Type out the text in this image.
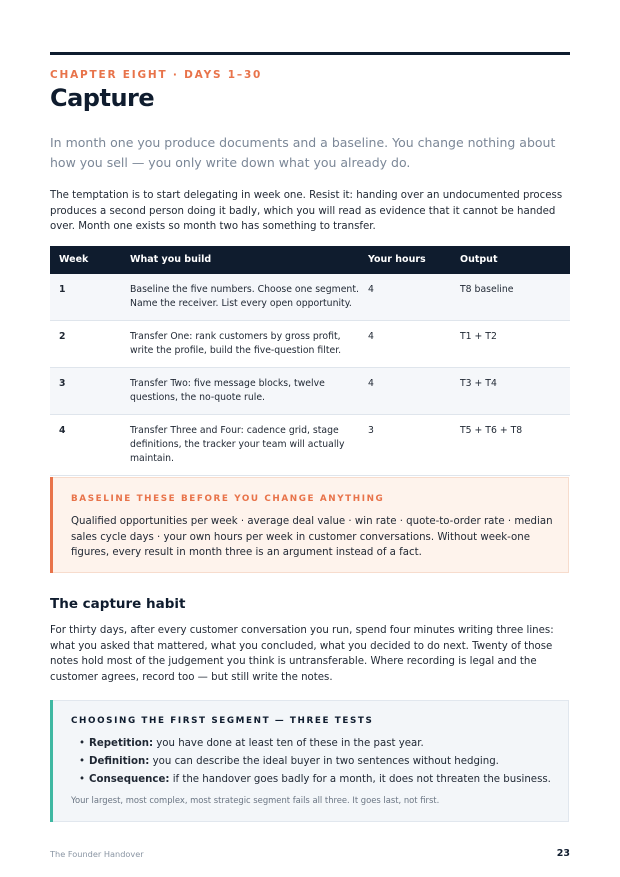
CHAPTER EIGHT · DAYS 1–30
Capture
In month one you produce documents and a baseline. You change nothing about how you sell — you only write down what you already do.
The temptation is to start delegating in week one. Resist it: handing over an undocumented process produces a second person doing it badly, which you will read as evidence that it cannot be handed over. Month one exists so month two has something to transfer.
Week	What you build	Your hours	Output
1	Baseline the five numbers. Choose one segment. Name the receiver. List every open opportunity.	4	T8 baseline
2	Transfer One: rank customers by gross profit, write the profile, build the five-question filter.	4	T1 + T2
3	Transfer Two: five message blocks, twelve questions, the no-quote rule.	4	T3 + T4
4	Transfer Three and Four: cadence grid, stage definitions, the tracker your team will actually maintain.	3	T5 + T6 + T8
BASELINE THESE BEFORE YOU CHANGE ANYTHING
Qualified opportunities per week · average deal value · win rate · quote-to-order rate · median sales cycle days · your own hours per week in customer conversations. Without week-one figures, every result in month three is an argument instead of a fact.
The capture habit
For thirty days, after every customer conversation you run, spend four minutes writing three lines: what you asked that mattered, what you concluded, what you decided to do next. Twenty of those notes hold most of the judgement you think is untransferable. Where recording is legal and the customer agrees, record too — but still write the notes.
CHOOSING THE FIRST SEGMENT — THREE TESTS
• Repetition: you have done at least ten of these in the past year.
• Definition: you can describe the ideal buyer in two sentences without hedging.
• Consequence: if the handover goes badly for a month, it does not threaten the business.
Your largest, most complex, most strategic segment fails all three. It goes last, not first.
The Founder Handover	23
